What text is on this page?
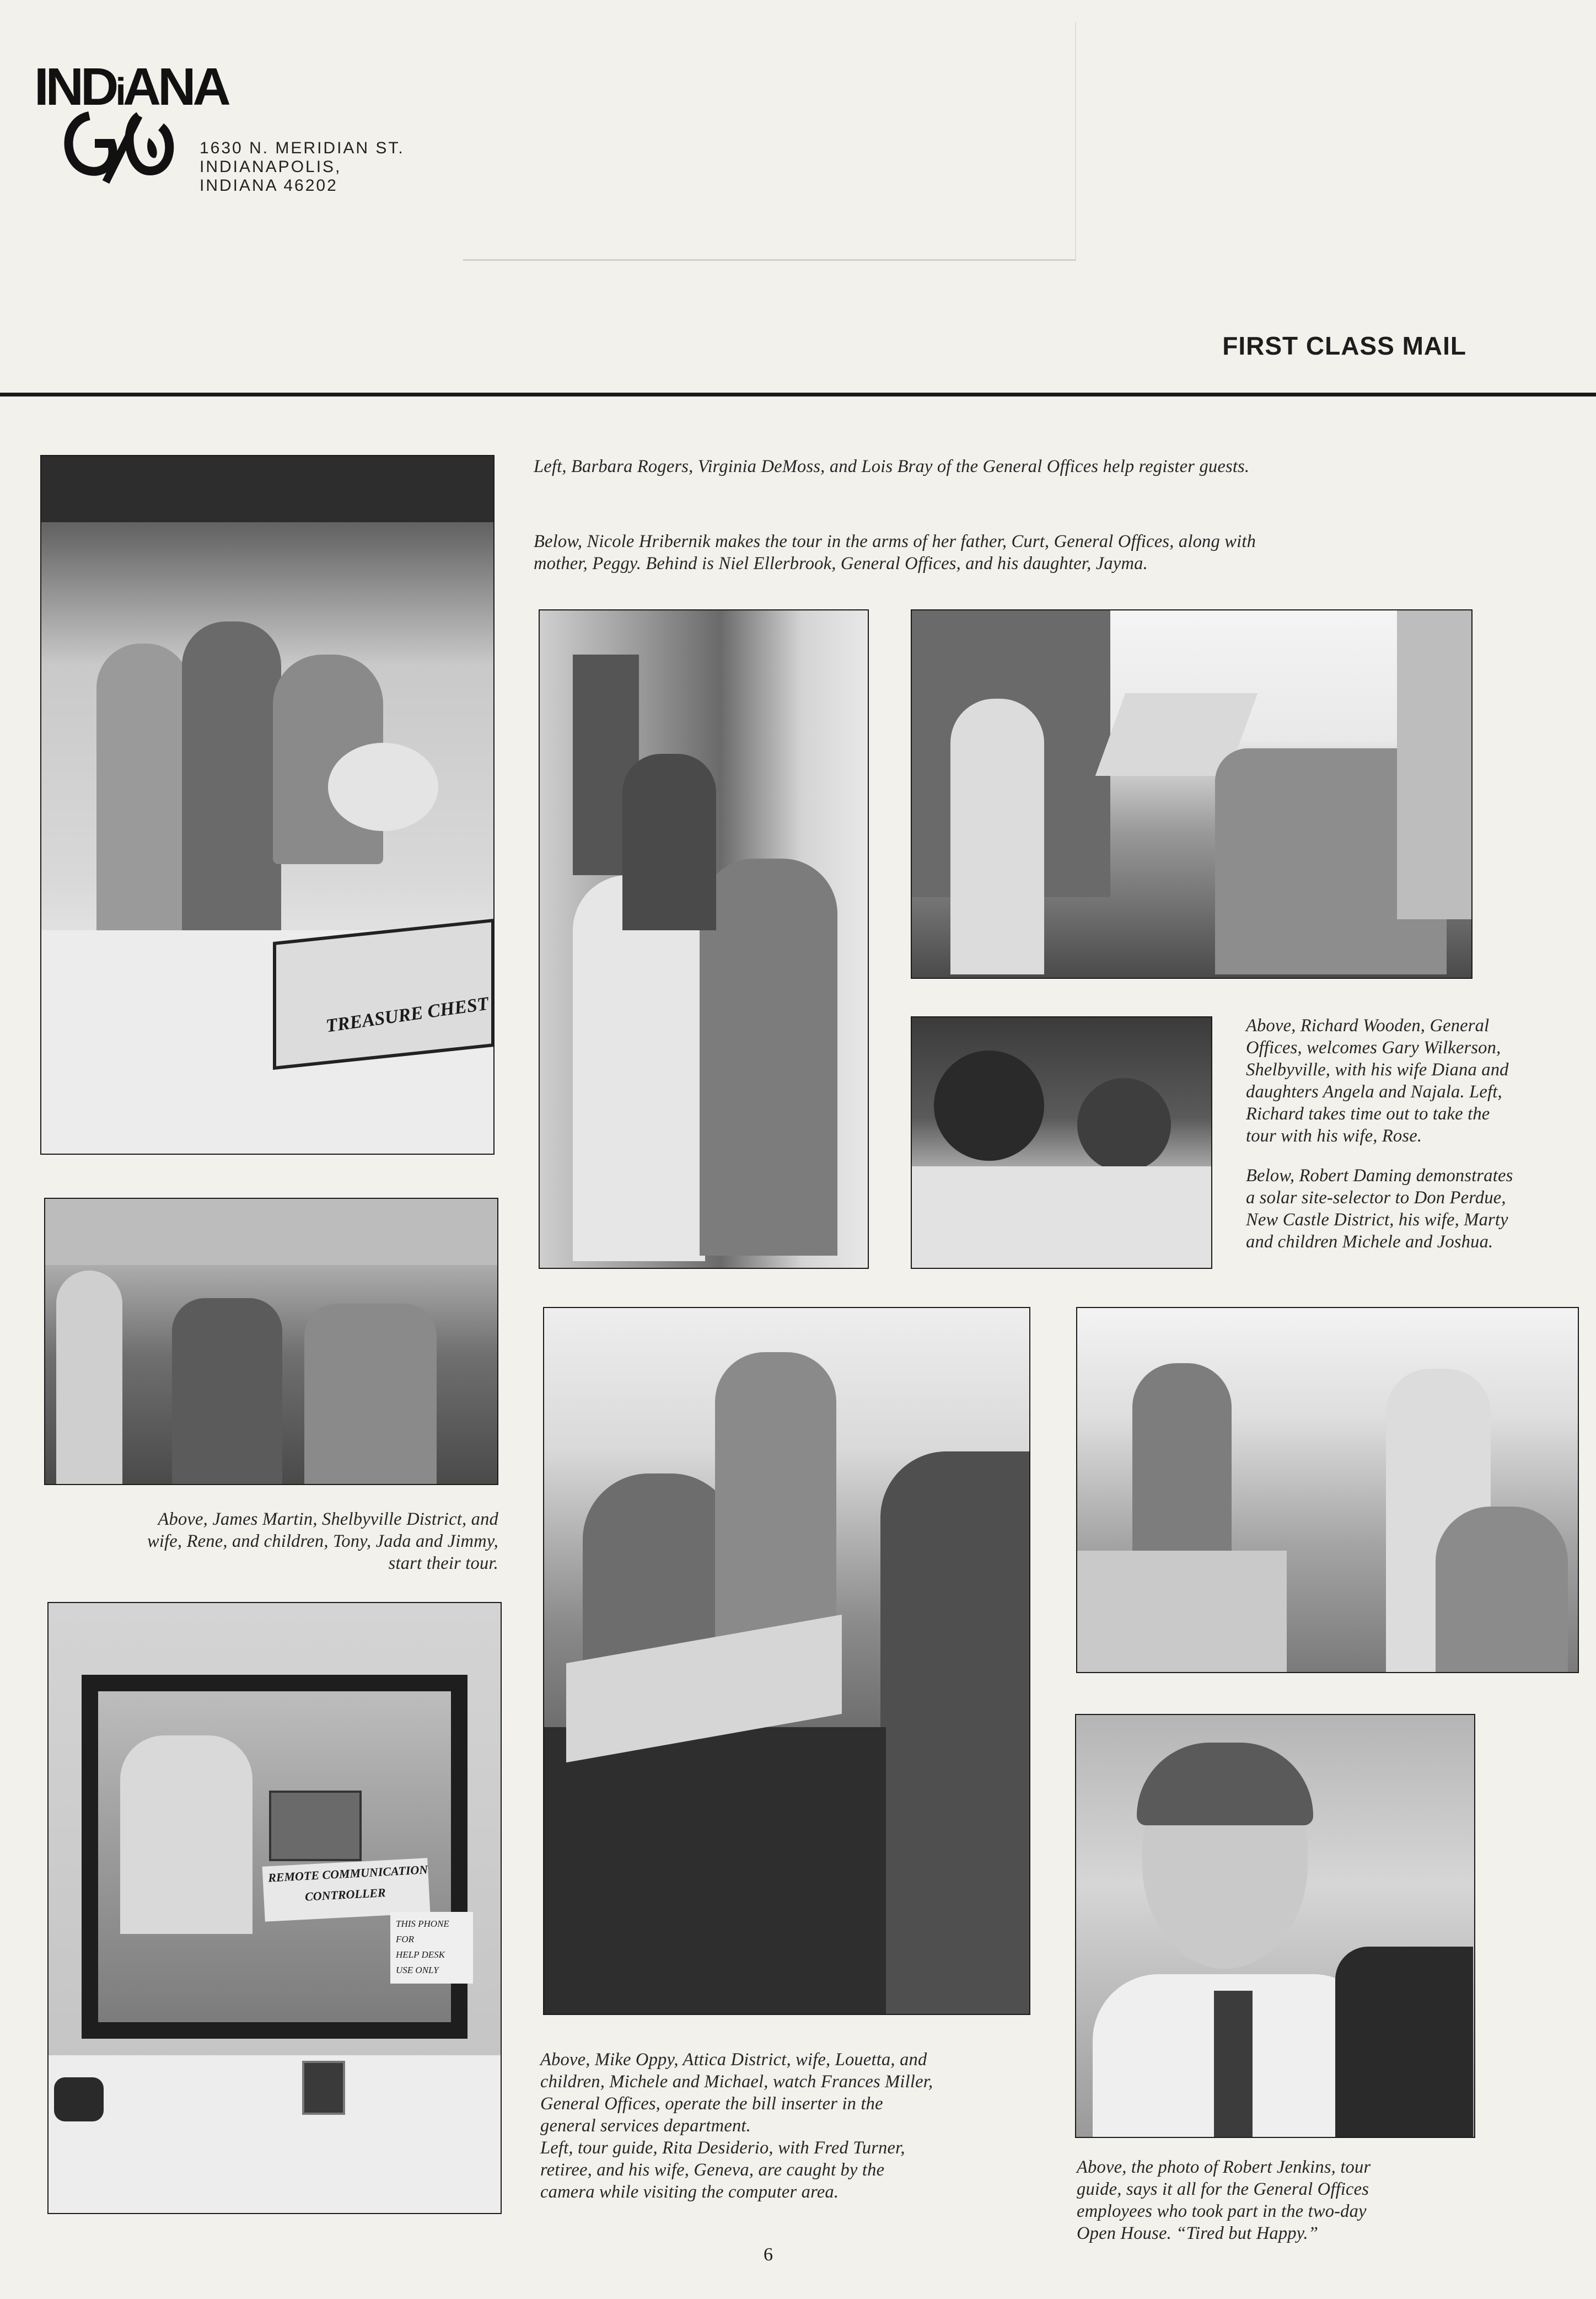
INDiANA
1630 N. MERIDIAN ST.
INDIANAPOLIS,
INDIANA 46202
FIRST CLASS MAIL
Left, Barbara Rogers, Virginia DeMoss, and Lois Bray of the General Offices help register guests.
Below, Nicole Hribernik makes the tour in the arms of her father, Curt, General Offices, along with
mother, Peggy. Behind is Niel Ellerbrook, General Offices, and his daughter, Jayma.
TREASURE CHEST
REMOTE COMMUNICATION
CONTROLLER
THIS PHONE
FOR
HELP DESK
USE ONLY
Above, Richard Wooden, General
Offices, welcomes Gary Wilkerson,
Shelbyville, with his wife Diana and
daughters Angela and Najala. Left,
Richard takes time out to take the
tour with his wife, Rose.
Below, Robert Daming demonstrates
a solar site-selector to Don Perdue,
New Castle District, his wife, Marty
and children Michele and Joshua.
Above, James Martin, Shelbyville District, and
wife, Rene, and children, Tony, Jada and Jimmy,
start their tour.
Above, Mike Oppy, Attica District, wife, Louetta, and
children, Michele and Michael, watch Frances Miller,
General Offices, operate the bill inserter in the
general services department.
Left, tour guide, Rita Desiderio, with Fred Turner,
retiree, and his wife, Geneva, are caught by the
camera while visiting the computer area.
Above, the photo of Robert Jenkins, tour
guide, says it all for the General Offices
employees who took part in the two-day
Open House. “Tired but Happy.”
6
